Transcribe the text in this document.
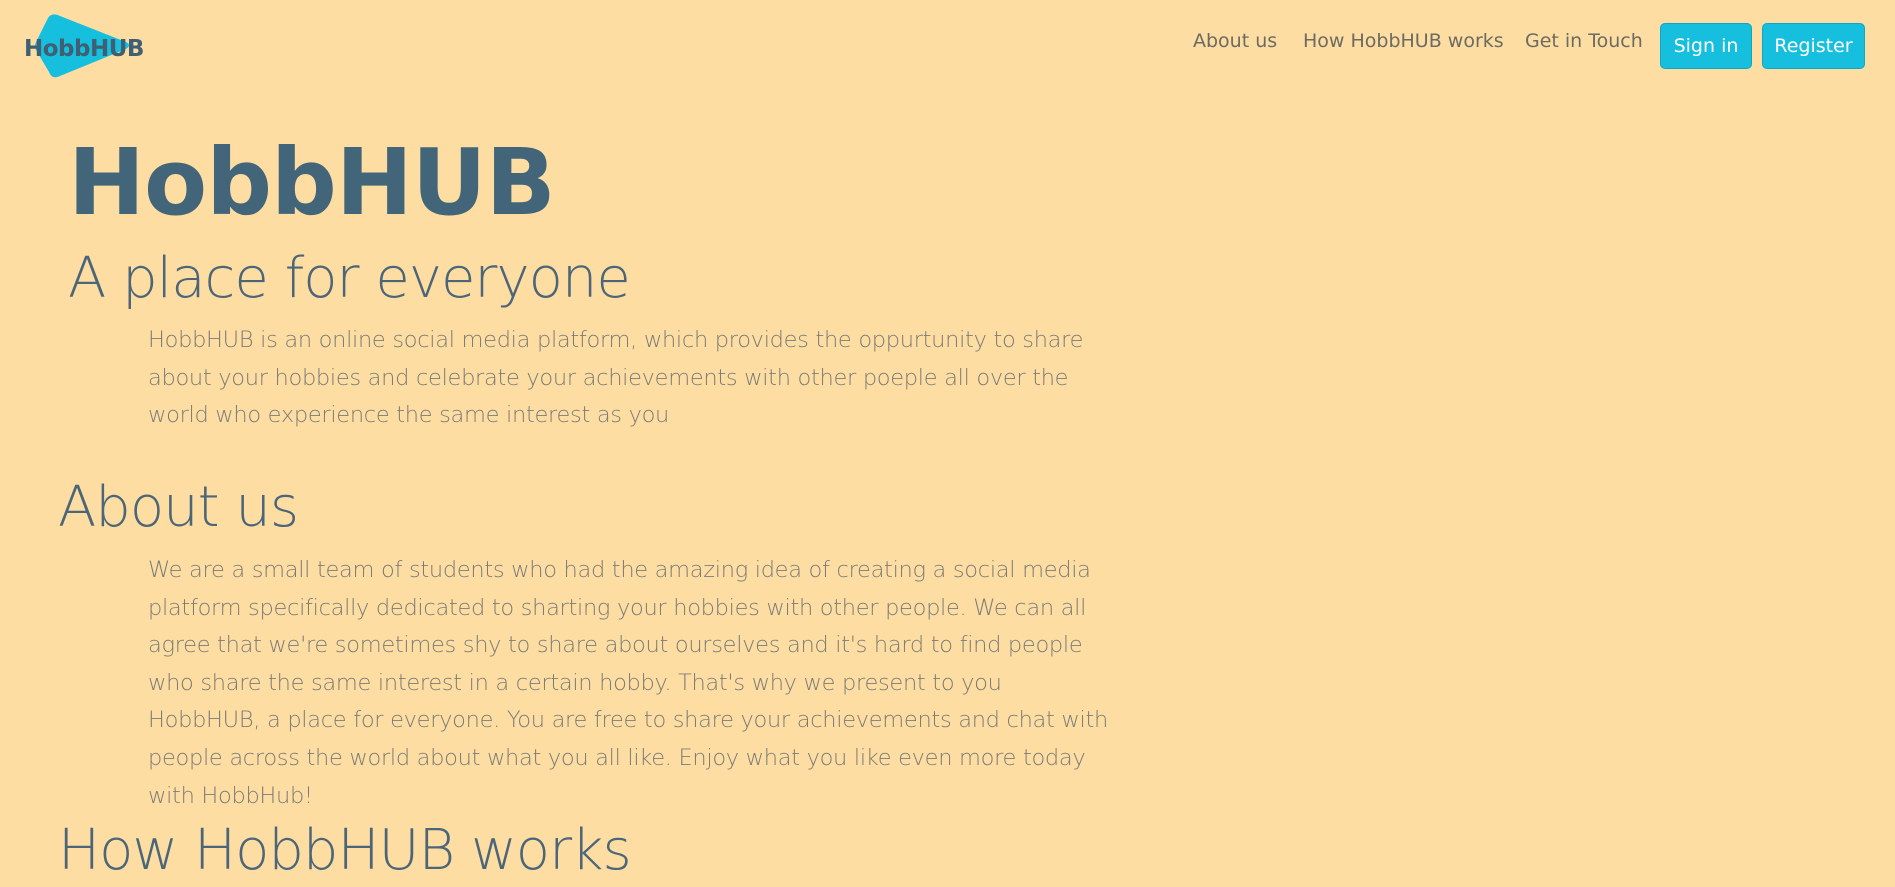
HobbHUB	About us How HobbHUB works Get in Touch	Sign in	Register
HobbHUB
A place for everyone

HobbHUB is an online social media platform, which provides the oppurtunity to share about your hobbies and celebrate your achievements with other poeple all over the world who experience the same interest as you

About us

We are a small team of students who had the amazing idea of creating a social media platform specifically dedicated to sharting your hobbies with other people. We can all agree that we're sometimes shy to share about ourselves and it's hard to find people who share the same interest in a certain hobby. That's why we present to you HobbHUB, a place for everyone. You are free to share your achievements and chat with people across the world about what you all like. Enjoy what you like even more today with HobbHub!

How HobbHUB works
